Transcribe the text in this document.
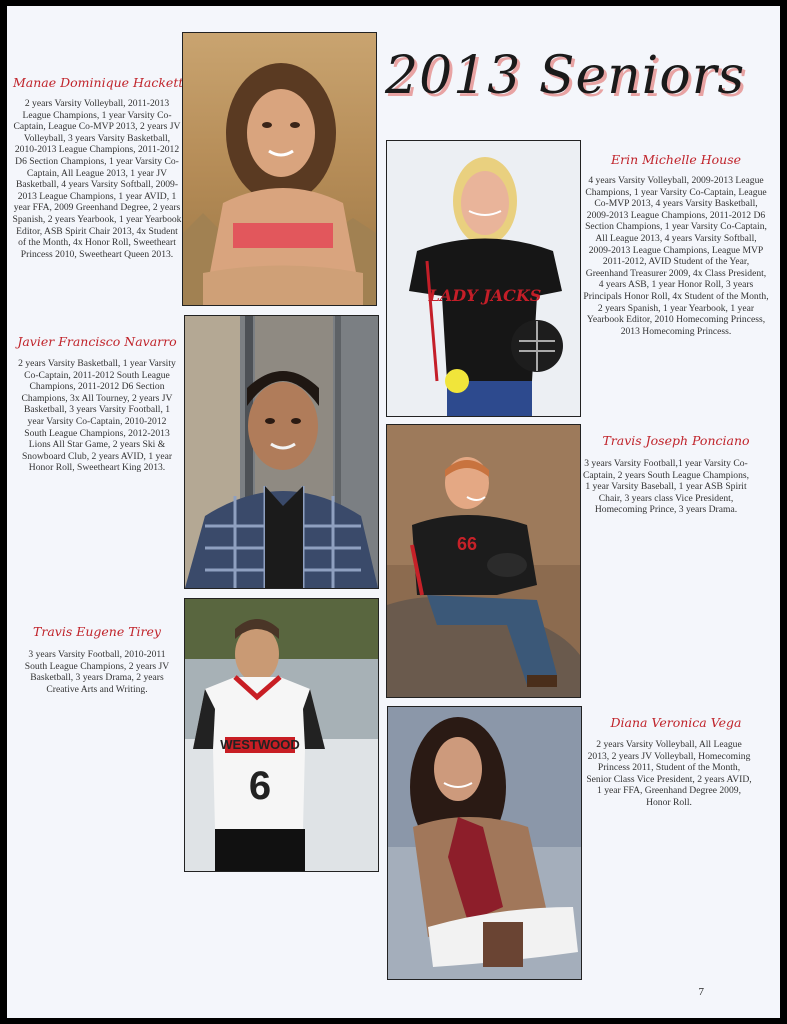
2013 Seniors
Manae Dominique Hackett
2 years Varsity Volleyball, 2011-2013 League Champions, 1 year Varsity Co-Captain, League Co-MVP 2013, 2 years JV Volleyball, 3 years Varsity Basketball, 2010-2013 League Champions, 2011-2012 D6 Section Champions, 1 year Varsity Co-Captain, All League 2013, 1 year JV Basketball, 4 years Varsity Softball, 2009-2013 League Champions, 1 year AVID, 1 year FFA, 2009 Greenhand Degree, 2 years Spanish, 2 years Yearbook, 1 year Yearbook Editor, ASB Spirit Chair 2013, 4x Student of the Month, 4x Honor Roll, Sweetheart Princess 2010, Sweetheart Queen 2013.
Javier Francisco Navarro
2 years Varsity Basketball, 1 year Varsity Co-Captain, 2011-2012 South League Champions, 2011-2012 D6 Section Champions, 3x All Tourney, 2 years JV Basketball, 3 years Varsity Football, 1 year Varsity Co-Captain, 2010-2012 South League Champions, 2012-2013 Lions All Star Game, 2 years Ski & Snowboard Club, 2 years AVID, 1 year Honor Roll, Sweetheart King 2013.
Travis Eugene Tirey
3 years Varsity Football, 2010-2011 South League Champions, 2 years JV Basketball, 3 years Drama, 2 years Creative Arts and Writing.
Erin Michelle House
4 years Varsity Volleyball, 2009-2013 League Champions, 1 year Varsity Co-Captain, League Co-MVP 2013, 4 years Varsity Basketball, 2009-2013 League Champions, 2011-2012 D6 Section Champions, 1 year Varsity Co-Captain, All League 2013, 4 years Varsity Softball, 2009-2013 League Champions, League MVP 2011-2012, AVID Student of the Year, Greenhand Treasurer 2009, 4x Class President, 4 years ASB, 1 year Honor Roll, 3 years Principals Honor Roll, 4x Student of the Month, 2 years Spanish, 1 year Yearbook, 1 year Yearbook Editor, 2010 Homecoming Princess, 2013 Homecoming Princess.
Travis Joseph Ponciano
3 years Varsity Football,1 year Varsity Co-Captain, 2 years South League Champions, 1 year Varsity Baseball, 1 year ASB Spirit Chair, 3 years class Vice President, Homecoming Prince, 3 years Drama.
Diana Veronica Vega
2 years Varsity Volleyball, All League 2013, 2 years JV Volleyball, Homecoming Princess 2011, Student of the Month, Senior Class Vice President, 2 years AVID, 1 year FFA, Greenhand Degree 2009, Honor Roll.
WESTWOOD
6
LADY JACKS
66
7
